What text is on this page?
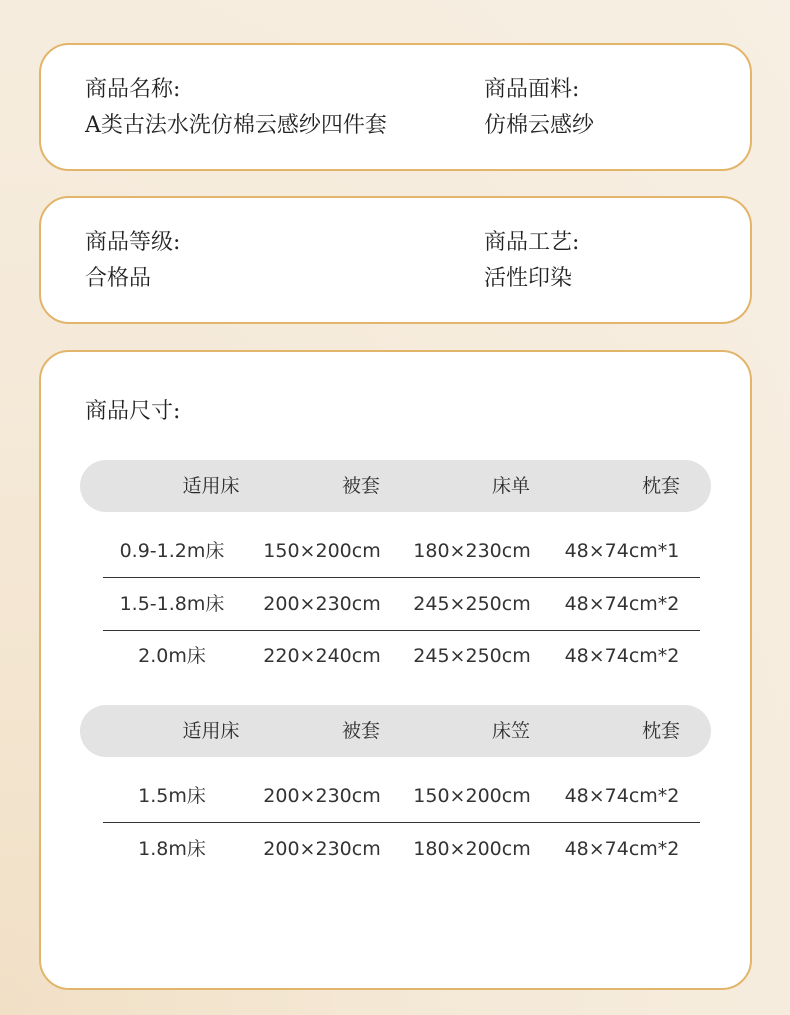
商品名称:
A类古法水洗仿棉云感纱四件套
商品面料:
仿棉云感纱
商品等级:
合格品
商品工艺:
活性印染
商品尺寸:
适用床	被套	床单	枕套
0.9-1.2m床	150×200cm	180×230cm	48×74cm*1
1.5-1.8m床	200×230cm	245×250cm	48×74cm*2
2.0m床	220×240cm	245×250cm	48×74cm*2
适用床	被套	床笠	枕套
1.5m床	200×230cm	150×200cm	48×74cm*2
1.8m床	200×230cm	180×200cm	48×74cm*2
